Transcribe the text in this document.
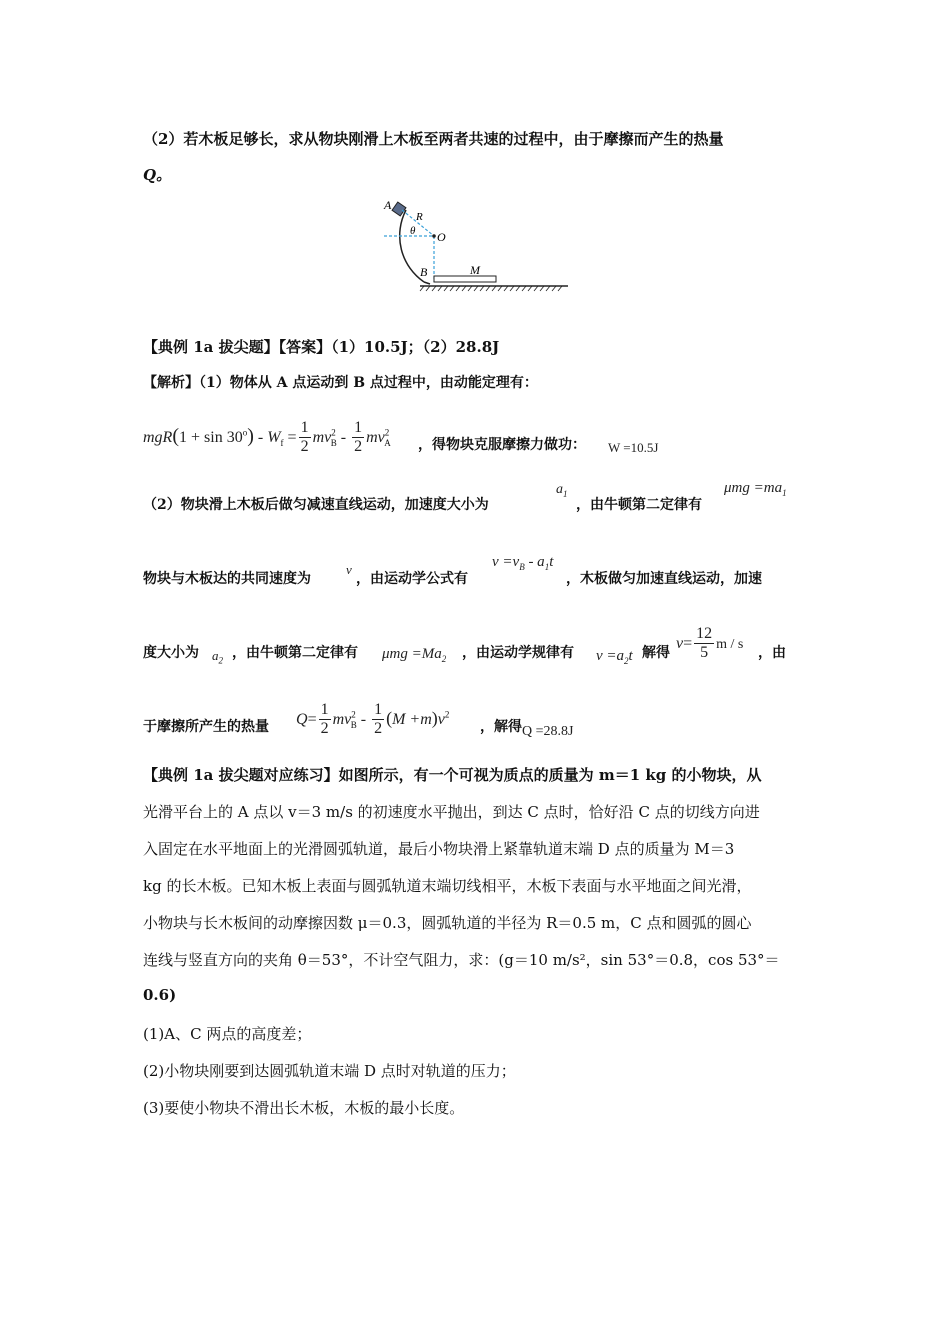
（2）若木板足够长，求从物块刚滑上木板至两者共速的过程中，由于摩擦而产生的热量
Q。
A
R
θ O
B	M
【典例 1a 拔尖题】【答案】（1）10.5J；（2）28.8J
【解析】（1）物体从 A 点运动到 B 点过程中，由动能定理有：
$mgR(1 + \sin 30^o) - W_f = \frac{1}{2} mv^2_B - \frac{1}{2} mv^2_A$ ，得物块克服摩擦力做功： W =10.5J
（2）物块滑上木板后做匀减速直线运动，加速度大小为
$a_1$
，由牛顿第二定律有
$\mu mg =ma_1$
物块与木板达的共同速度为
v
，由运动学公式有
$v =v_B - a_1t$
，木板做匀加速直线运动，加速
度大小为 $a_2$ ，由牛顿第二定律有 $\mu mg =Ma_2$ ，由运动学规律有 $v =a_2t$ 解得
$v= \frac{12}{5}$ m / s
，由
于摩擦所产生的热量 $Q= \frac{1}{2} mv^2_B - \frac{1}{2} (M +m)v^2$
，解得 Q =28.8J
【典例 1a 拔尖题对应练习】如图所示，有一个可视为质点的质量为 m＝1 kg 的小物块，从
光滑平台上的 A 点以 v＝3 m/s 的初速度水平抛出，到达 C 点时，恰好沿 C 点的切线方向进
入固定在水平地面上的光滑圆弧轨道，最后小物块滑上紧靠轨道末端 D 点的质量为 M＝3
kg 的长木板。已知木板上表面与圆弧轨道末端切线相平，木板下表面与水平地面之间光滑，
小物块与长木板间的动摩擦因数 μ＝0.3，圆弧轨道的半径为 R＝0.5 m，C 点和圆弧的圆心
连线与竖直方向的夹角 θ＝53°，不计空气阻力，求：(g＝10 m/s²，sin 53°＝0.8，cos 53°＝
0.6)
(1)A、C 两点的高度差；
(2)小物块刚要到达圆弧轨道末端 D 点时对轨道的压力；
(3)要使小物块不滑出长木板，木板的最小长度。
